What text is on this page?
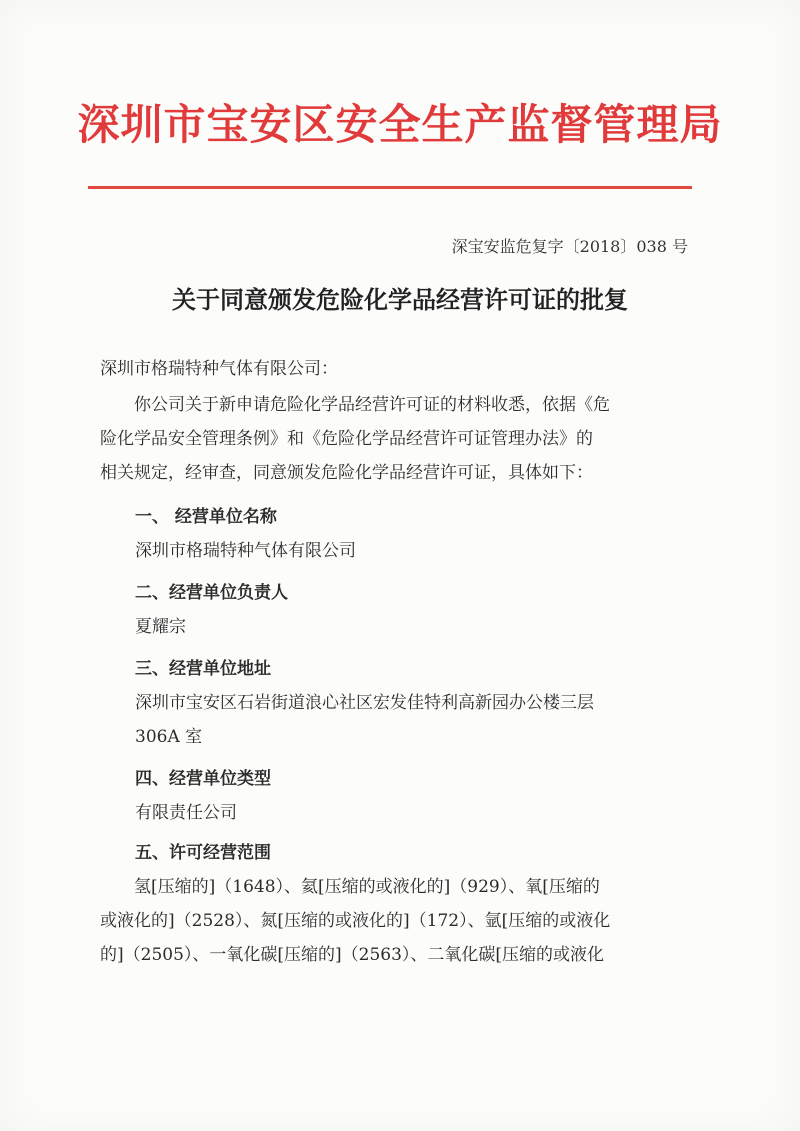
深圳市宝安区安全生产监督管理局
深宝安监危复字〔2018〕038 号
关于同意颁发危险化学品经营许可证的批复
深圳市格瑞特种气体有限公司：
你公司关于新申请危险化学品经营许可证的材料收悉，依据《危
险化学品安全管理条例》和《危险化学品经营许可证管理办法》的
相关规定，经审查，同意颁发危险化学品经营许可证，具体如下：
一、 经营单位名称
深圳市格瑞特种气体有限公司
二、经营单位负责人
夏耀宗
三、经营单位地址
深圳市宝安区石岩街道浪心社区宏发佳特利高新园办公楼三层
306A 室
四、经营单位类型
有限责任公司
五、许可经营范围
氢[压缩的]（1648）、氦[压缩的或液化的]（929）、氧[压缩的
或液化的]（2528）、氮[压缩的或液化的]（172）、氩[压缩的或液化
的]（2505）、一氧化碳[压缩的]（2563）、二氧化碳[压缩的或液化
